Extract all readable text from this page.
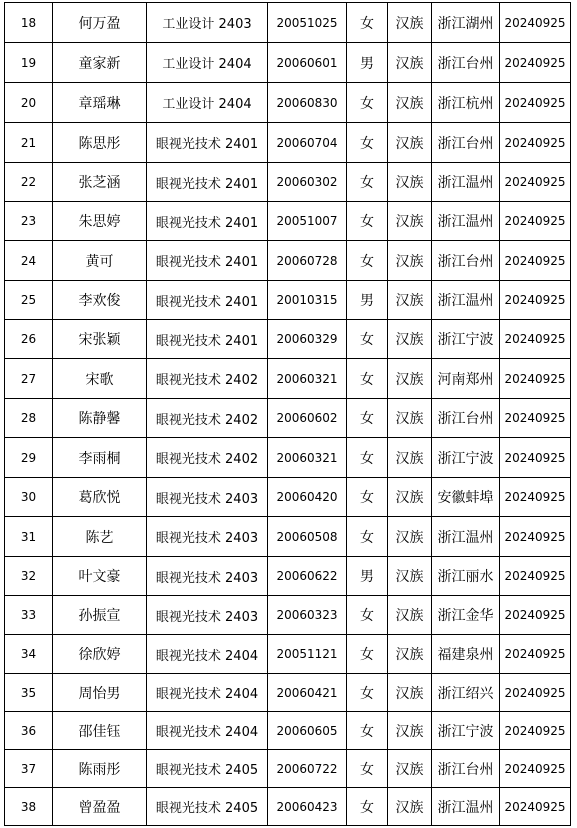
18	何万盈	工业设计 2403	20051025	女	汉族	浙江湖州	20240925
19	童家新	工业设计 2404	20060601	男	汉族	浙江台州	20240925
20	章瑶琳	工业设计 2404	20060830	女	汉族	浙江杭州	20240925
21	陈思彤	眼视光技术 2401	20060704	女	汉族	浙江台州	20240925
22	张芝涵	眼视光技术 2401	20060302	女	汉族	浙江温州	20240925
23	朱思婷	眼视光技术 2401	20051007	女	汉族	浙江温州	20240925
24	黄可	眼视光技术 2401	20060728	女	汉族	浙江台州	20240925
25	李欢俊	眼视光技术 2401	20010315	男	汉族	浙江温州	20240925
26	宋张颖	眼视光技术 2401	20060329	女	汉族	浙江宁波	20240925
27	宋歌	眼视光技术 2402	20060321	女	汉族	河南郑州	20240925
28	陈静馨	眼视光技术 2402	20060602	女	汉族	浙江台州	20240925
29	李雨桐	眼视光技术 2402	20060321	女	汉族	浙江宁波	20240925
30	葛欣悦	眼视光技术 2403	20060420	女	汉族	安徽蚌埠	20240925
31	陈艺	眼视光技术 2403	20060508	女	汉族	浙江温州	20240925
32	叶文豪	眼视光技术 2403	20060622	男	汉族	浙江丽水	20240925
33	孙振宣	眼视光技术 2403	20060323	女	汉族	浙江金华	20240925
34	徐欣婷	眼视光技术 2404	20051121	女	汉族	福建泉州	20240925
35	周怡男	眼视光技术 2404	20060421	女	汉族	浙江绍兴	20240925
36	邵佳钰	眼视光技术 2404	20060605	女	汉族	浙江宁波	20240925
37	陈雨彤	眼视光技术 2405	20060722	女	汉族	浙江台州	20240925
38	曾盈盈	眼视光技术 2405	20060423	女	汉族	浙江温州	20240925
